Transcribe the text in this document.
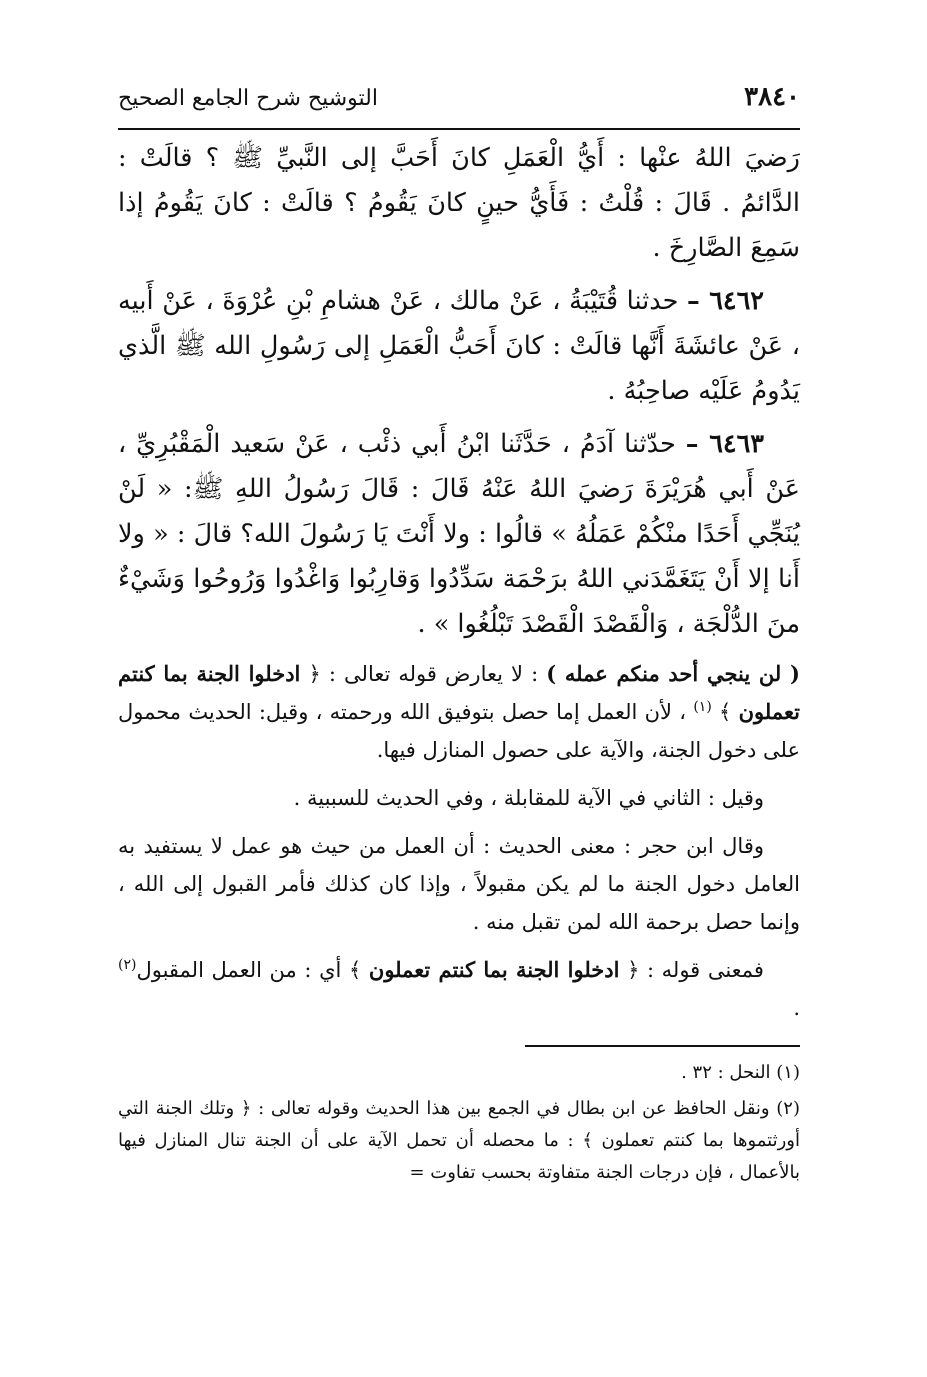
٣٨٤٠
التوشيح شرح الجامع الصحيح

رَضيَ اللهُ عنْها : أَيُّ الْعَمَلِ كانَ أَحَبَّ إلى النَّبيِّ ﷺ ؟ قالَتْ : الدَّائمُ . قَالَ : قُلْتُ : فَأَيُّ حينٍ كانَ يَقُومُ ؟ قالَتْ : كانَ يَقُومُ إذا سَمِعَ الصَّارِخَ .

٦٤٦٢ – حدثنا قُتَيْبَةُ ، عَنْ مالك ، عَنْ هشامِ بْنِ عُرْوَةَ ، عَنْ أَبيه ، عَنْ عائشَةَ أَنَّها قالَتْ : كانَ أَحَبُّ الْعَمَلِ إلى رَسُولِ الله ﷺ الَّذي يَدُومُ عَلَيْه صاحِبُهُ .

٦٤٦٣ – حدّثنا آدَمُ ، حَدَّثَنا ابْنُ أَبي ذئْب ، عَنْ سَعيد الْمَقْبُرِيِّ ، عَنْ أَبي هُرَيْرَةَ رَضيَ اللهُ عَنْهُ قَالَ : قَالَ رَسُولُ اللهِ ﷺ: « لَنْ يُنَجِّي أَحَدًا منْكُمْ عَمَلُهُ » قالُوا : ولا أَنْتَ يَا رَسُولَ الله؟ قالَ : « ولا أَنا إلا أَنْ يَتَغَمَّدَني اللهُ برَحْمَة سَدِّدُوا وَقارِبُوا وَاغْدُوا وَرُوحُوا وَشَيْءٌ منَ الدُّلْجَة ، وَالْقَصْدَ الْقَصْدَ تَبْلُغُوا » .

( لن ينجي أحد منكم عمله ) : لا يعارض قوله تعالى : ﴿ ادخلوا الجنة بما كنتم تعملون ﴾ $^{(١)}$ ، لأن العمل إما حصل بتوفيق الله ورحمته ، وقيل: الحديث محمول على دخول الجنة، والآية على حصول المنازل فيها.

وقيل : الثاني في الآية للمقابلة ، وفي الحديث للسببية .

وقال ابن حجر : معنى الحديث : أن العمل من حيث هو عمل لا يستفيد به العامل دخول الجنة ما لم يكن مقبولاً ، وإذا كان كذلك فأمر القبول إلى الله ، وإنما حصل برحمة الله لمن تقبل منه .

فمعنى قوله : ﴿ ادخلوا الجنة بما كنتم تعملون ﴾ أي : من العمل المقبول$^{(٢)}$ .

(١) النحل : ٣٢ .

(٢) ونقل الحافظ عن ابن بطال في الجمع بين هذا الحديث وقوله تعالى : ﴿ وتلك الجنة التي أورثتموها بما كنتم تعملون ﴾ : ما محصله أن تحمل الآية على أن الجنة تنال المنازل فيها بالأعمال ، فإن درجات الجنة متفاوتة بحسب تفاوت =
